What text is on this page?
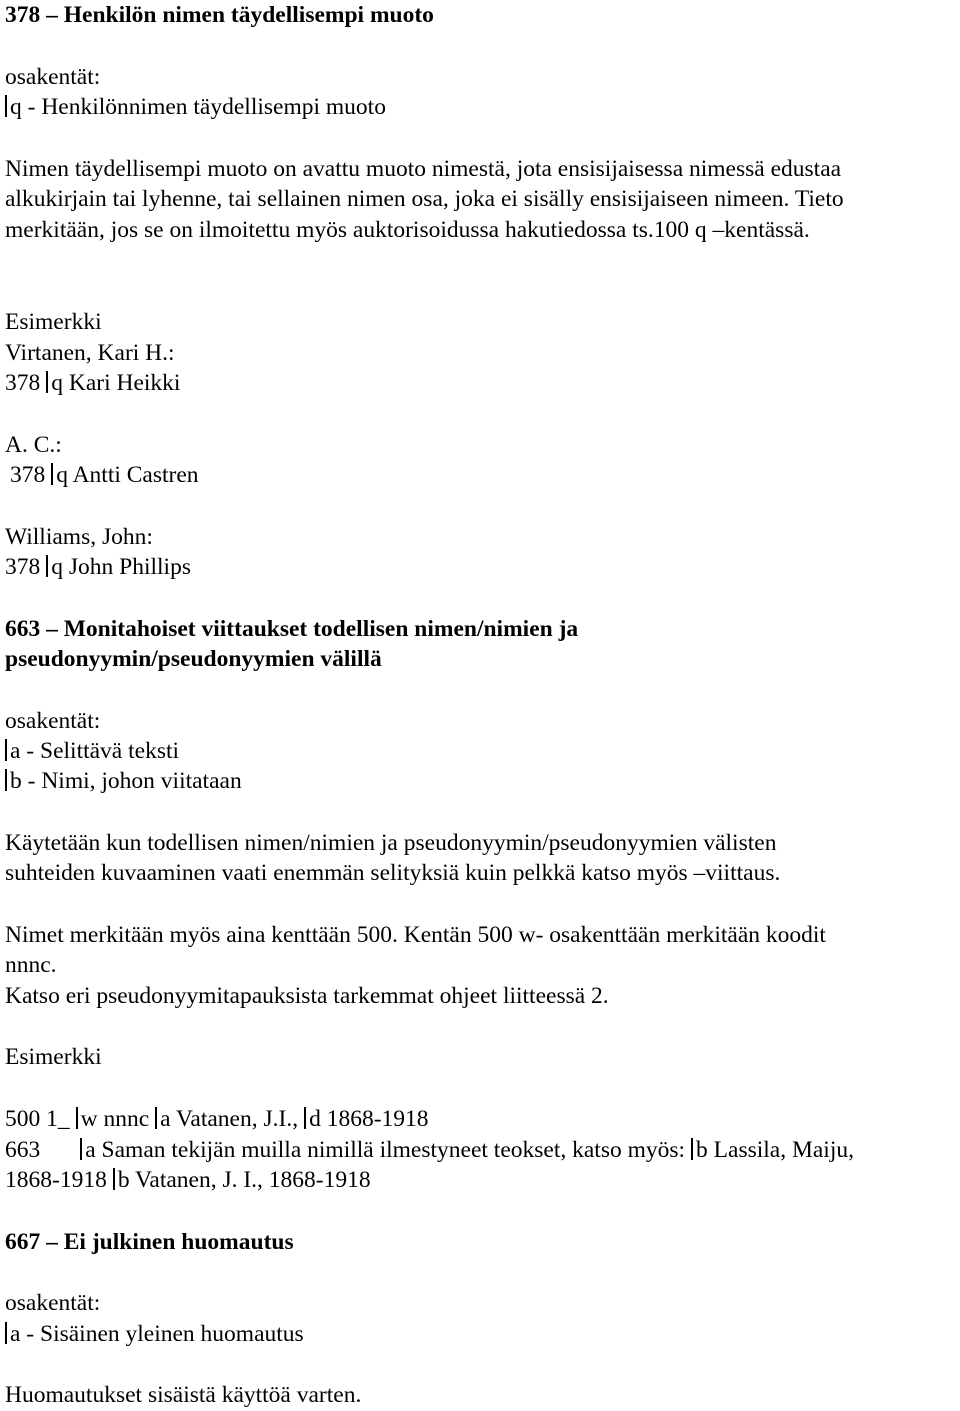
378 – Henkilön nimen täydellisempi muoto
osakentät:
q - Henkilönnimen täydellisempi muoto
Nimen täydellisempi muoto on avattu muoto nimestä, jota ensisijaisessa nimessä edustaa
alkukirjain tai lyhenne, tai sellainen nimen osa, joka ei sisälly ensisijaiseen nimeen. Tieto
merkitään, jos se on ilmoitettu myös auktorisoidussa hakutiedossa ts.100 q –kentässä.
Esimerkki
Virtanen, Kari H.:
378 q Kari Heikki
A. C.:
378 q Antti Castren
Williams, John:
378 q John Phillips
663 – Monitahoiset viittaukset todellisen nimen/nimien ja
pseudonyymin/pseudonyymien välillä
osakentät:
a - Selittävä teksti
b - Nimi, johon viitataan
Käytetään kun todellisen nimen/nimien ja pseudonyymin/pseudonyymien välisten
suhteiden kuvaaminen vaati enemmän selityksiä kuin pelkkä katso myös –viittaus.
Nimet merkitään myös aina kenttään 500. Kentän 500 w- osakenttään merkitään koodit
nnnc.
Katso eri pseudonyymitapauksista tarkemmat ohjeet liitteessä 2.
Esimerkki
500 1_ w nnnc a Vatanen, J.I., d 1868-1918
663 a Saman tekijän muilla nimillä ilmestyneet teokset, katso myös: b Lassila, Maiju,
1868-1918 b Vatanen, J. I., 1868-1918
667 – Ei julkinen huomautus
osakentät:
a - Sisäinen yleinen huomautus
Huomautukset sisäistä käyttöä varten.
